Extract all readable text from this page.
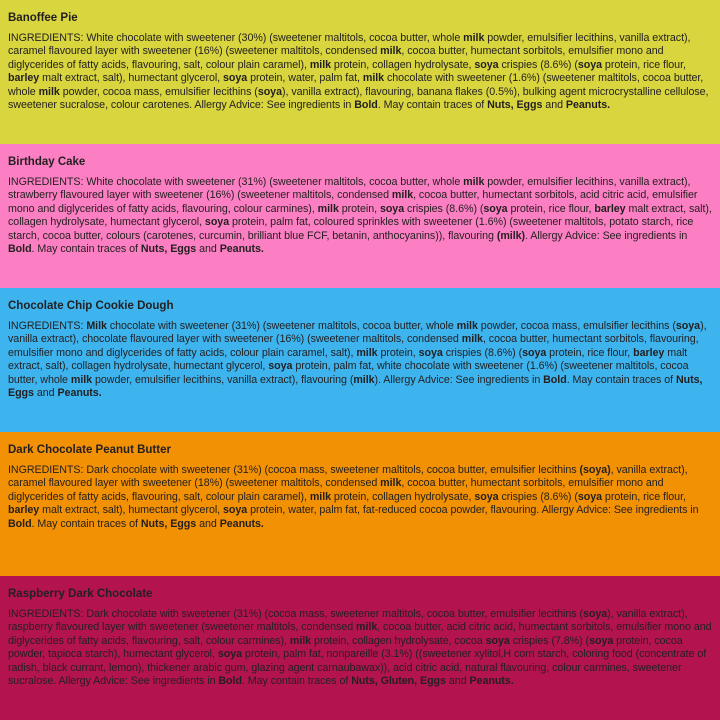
Banoffee Pie

INGREDIENTS: White chocolate with sweetener (30%) (sweetener maltitols, cocoa butter, whole milk powder, emulsifier lecithins, vanilla extract), caramel flavoured layer with sweetener (16%) (sweetener maltitols, condensed milk, cocoa butter, humectant sorbitols, emulsifier mono and diglycerides of fatty acids, flavouring, salt, colour plain caramel), milk protein, collagen hydrolysate, soya crispies (8.6%) (soya protein, rice flour, barley malt extract, salt), humectant glycerol, soya protein, water, palm fat, milk chocolate with sweetener (1.6%) (sweetener maltitols, cocoa butter, whole milk powder, cocoa mass, emulsifier lecithins (soya), vanilla extract), flavouring, banana flakes (0.5%), bulking agent microcrystalline cellulose, sweetener sucralose, colour carotenes. Allergy Advice: See ingredients in Bold. May contain traces of Nuts, Eggs and Peanuts.

Birthday Cake

INGREDIENTS: White chocolate with sweetener (31%) (sweetener maltitols, cocoa butter, whole milk powder, emulsifier lecithins, vanilla extract), strawberry flavoured layer with sweetener (16%) (sweetener maltitols, condensed milk, cocoa butter, humectant sorbitols, acid citric acid, emulsifier mono and diglycerides of fatty acids, flavouring, colour carmines), milk protein, soya crispies (8.6%) (soya protein, rice flour, barley malt extract, salt), collagen hydrolysate, humectant glycerol, soya protein, palm fat, coloured sprinkles with sweetener (1.6%) (sweetener maltitols, potato starch, rice starch, cocoa butter, colours (carotenes, curcumin, brilliant blue FCF, betanin, anthocyanins)), flavouring (milk). Allergy Advice: See ingredients in Bold. May contain traces of Nuts, Eggs and Peanuts.

Chocolate Chip Cookie Dough

INGREDIENTS: Milk chocolate with sweetener (31%) (sweetener maltitols, cocoa butter, whole milk powder, cocoa mass, emulsifier lecithins (soya), vanilla extract), chocolate flavoured layer with sweetener (16%) (sweetener maltitols, condensed milk, cocoa butter, humectant sorbitols, flavouring, emulsifier mono and diglycerides of fatty acids, colour plain caramel, salt), milk protein, soya crispies (8.6%) (soya protein, rice flour, barley malt extract, salt), collagen hydrolysate, humectant glycerol, soya protein, palm fat, white chocolate with sweetener (1.6%) (sweetener maltitols, cocoa butter, whole milk powder, emulsifier lecithins, vanilla extract), flavouring (milk). Allergy Advice: See ingredients in Bold. May contain traces of Nuts, Eggs and Peanuts.

Dark Chocolate Peanut Butter

INGREDIENTS: Dark chocolate with sweetener (31%) (cocoa mass, sweetener maltitols, cocoa butter, emulsifier lecithins (soya), vanilla extract), caramel flavoured layer with sweetener (18%) (sweetener maltitols, condensed milk, cocoa butter, humectant sorbitols, emulsifier mono and diglycerides of fatty acids, flavouring, salt, colour plain caramel), milk protein, collagen hydrolysate, soya crispies (8.6%) (soya protein, rice flour, barley malt extract, salt), humectant glycerol, soya protein, water, palm fat, fat-reduced cocoa powder, flavouring. Allergy Advice: See ingredients in Bold. May contain traces of Nuts, Eggs and Peanuts.

Raspberry Dark Chocolate

INGREDIENTS: Dark chocolate with sweetener (31%) (cocoa mass, sweetener maltitols, cocoa butter, emulsifier lecithins (soya), vanilla extract), raspberry flavoured layer with sweetener (sweetener maltitols, condensed milk, cocoa butter, acid citric acid, humectant sorbitols, emulsifier mono and diglycerides of fatty acids, flavouring, salt, colour carmines), milk protein, collagen hydrolysate, cocoa soya crispies (7.8%) (soya protein, cocoa powder, tapioca starch), humectant glycerol, soya protein, palm fat, nonpareille (3.1%) ((sweetener xylitol,H corn starch, coloring food (concentrate of radish, black currant, lemon), thickener arabic gum, glazing agent carnaubawax)), acid citric acid, natural flavouring, colour carmines, sweetener sucralose. Allergy Advice: See ingredients in Bold. May contain traces of Nuts, Gluten, Eggs and Peanuts.
